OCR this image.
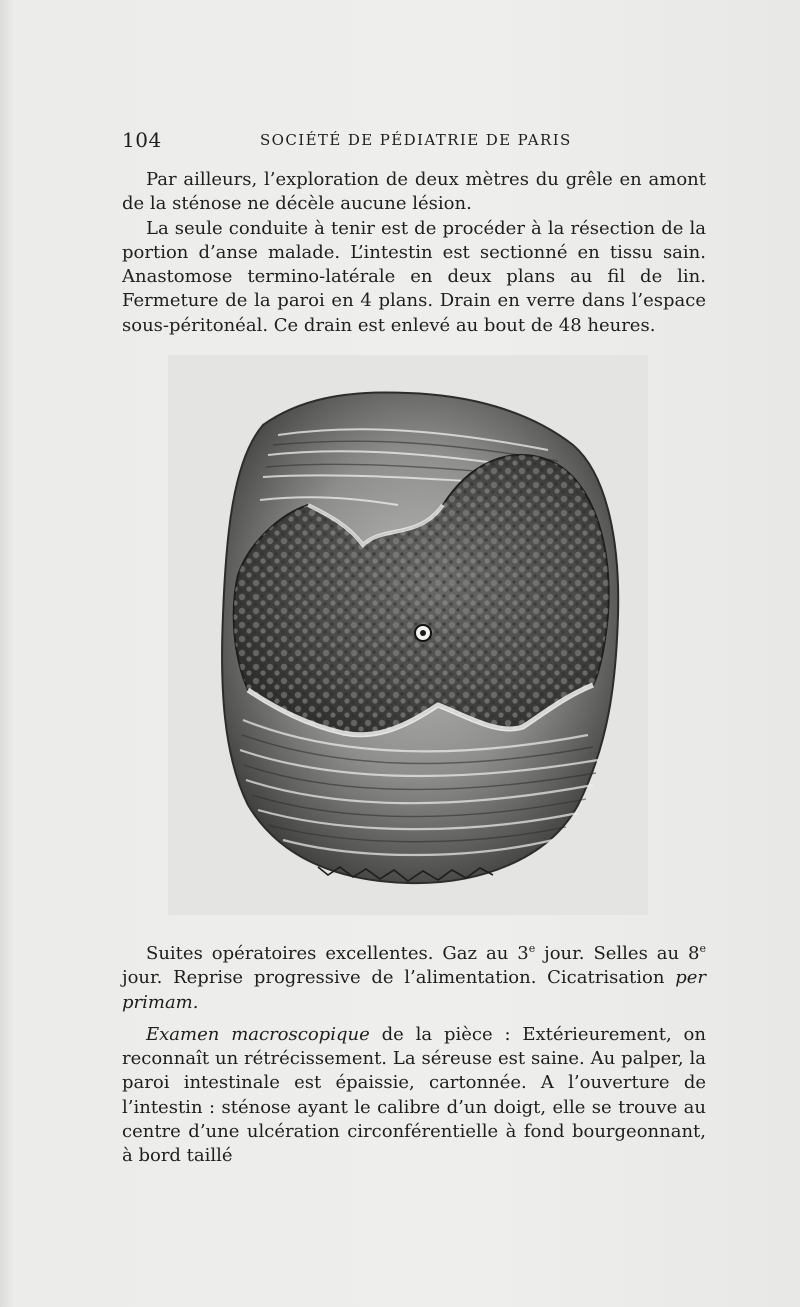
104	SOCIÉTÉ DE PÉDIATRIE DE PARIS

Par ailleurs, l’exploration de deux mètres du grêle en amont de la sténose ne décèle aucune lésion.

La seule conduite à tenir est de procéder à la résection de la portion d’anse malade. L’intestin est sectionné en tissu sain. Anastomose termino-latérale en deux plans au fil de lin. Fermeture de la paroi en 4 plans. Drain en verre dans l’espace sous-péritonéal. Ce drain est enlevé au bout de 48 heures.

Suites opératoires excellentes. Gaz au 3e jour. Selles au 8e jour. Reprise progressive de l’alimentation. Cicatrisation per primam.

Examen macroscopique de la pièce : Extérieurement, on reconnaît un rétrécissement. La séreuse est saine. Au palper, la paroi intestinale est épaissie, cartonnée. A l’ouverture de l’intestin : sténose ayant le calibre d’un doigt, elle se trouve au centre d’une ulcération circonférentielle à fond bourgeonnant, à bord taillé
